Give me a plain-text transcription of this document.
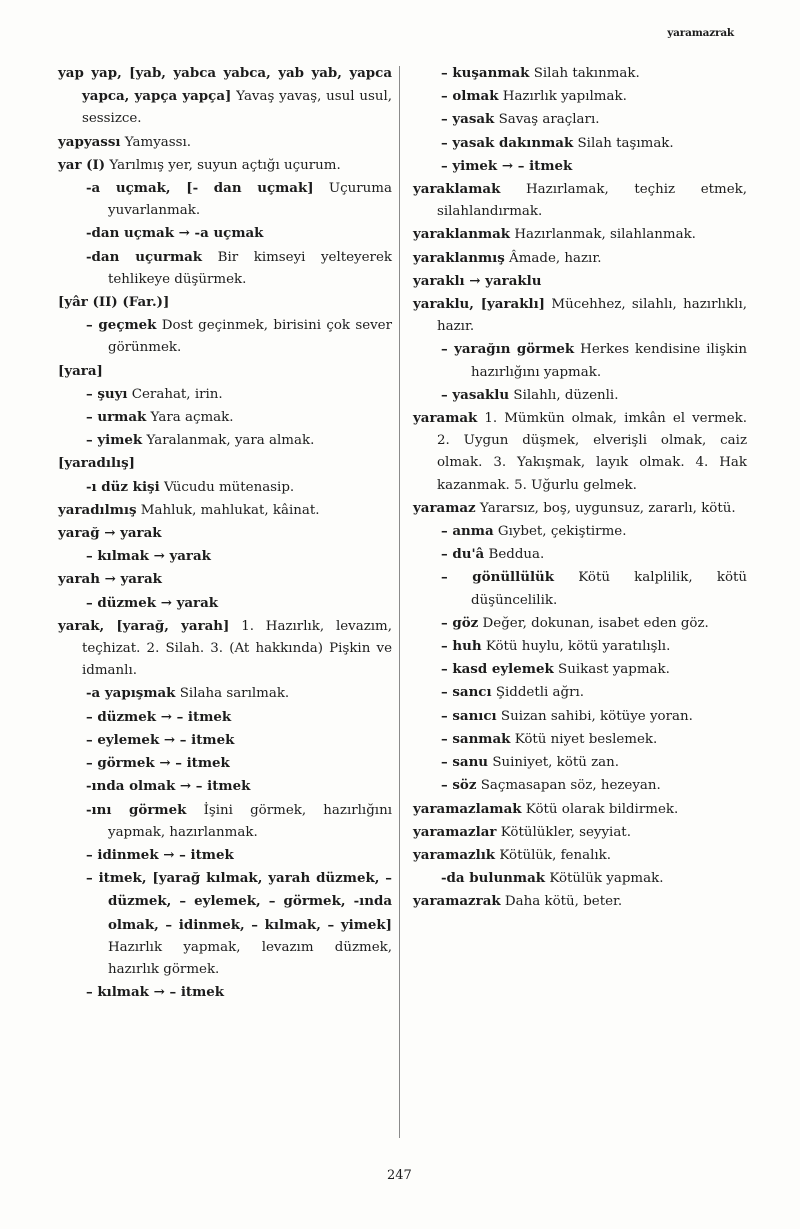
yaramazrak

yap yap, [yab, yabca yabca, yab yab, yapca yapca, yapça yapça] Yavaş yavaş, usul usul, sessizce.

yapyassı Yamyassı.

yar (I) Yarılmış yer, suyun açtığı uçurum.

-a uçmak, [- dan uçmak] Uçuruma yuvarlanmak.

-dan uçmak → -a uçmak

-dan uçurmak Bir kimseyi yelteyerek tehlikeye düşürmek.

[yâr (II) (Far.)]

– geçmek Dost geçinmek, birisini çok sever görünmek.

[yara]

– şuyı Cerahat, irin.

– urmak Yara açmak.

– yimek Yaralanmak, yara almak.

[yaradılış]

-ı düz kişi Vücudu mütenasip.

yaradılmış Mahluk, mahlukat, kâinat.

yarağ → yarak

– kılmak → yarak

yarah → yarak

– düzmek → yarak

yarak, [yarağ, yarah] 1. Hazırlık, levazım, teçhizat. 2. Silah. 3. (At hakkında) Pişkin ve idmanlı.

-a yapışmak Silaha sarılmak.

– düzmek → – itmek

– eylemek → – itmek

– görmek → – itmek

-ında olmak → – itmek

-ını görmek İşini görmek, hazırlığını yapmak, hazırlanmak.

– idinmek → – itmek

– itmek, [yarağ kılmak, yarah düzmek, – düzmek, – eylemek, – görmek, -ında olmak, – idinmek, – kılmak, – yimek] Hazırlık yapmak, levazım düzmek, hazırlık görmek.

– kılmak → – itmek

– kuşanmak Silah takınmak.

– olmak Hazırlık yapılmak.

– yasak Savaş araçları.

– yasak dakınmak Silah taşımak.

– yimek → – itmek

yaraklamak Hazırlamak, teçhiz etmek, silahlandırmak.

yaraklanmak Hazırlanmak, silahlanmak.

yaraklanmış Âmade, hazır.

yaraklı → yaraklu

yaraklu, [yaraklı] Mücehhez, silahlı, hazırlıklı, hazır.

– yarağın görmek Herkes kendisine ilişkin hazırlığını yapmak.

– yasaklu Silahlı, düzenli.

yaramak 1. Mümkün olmak, imkân el vermek. 2. Uygun düşmek, elverişli olmak, caiz olmak. 3. Yakışmak, layık olmak. 4. Hak kazanmak. 5. Uğurlu gelmek.

yaramaz Yararsız, boş, uygunsuz, zararlı, kötü.

– anma Gıybet, çekiştirme.

– du'â Beddua.

– gönüllülük Kötü kalplilik, kötü düşüncelilik.

– göz Değer, dokunan, isabet eden göz.

– huh Kötü huylu, kötü yaratılışlı.

– kasd eylemek Suikast yapmak.

– sancı Şiddetli ağrı.

– sanıcı Suizan sahibi, kötüye yoran.

– sanmak Kötü niyet beslemek.

– sanu Suiniyet, kötü zan.

– söz Saçmasapan söz, hezeyan.

yaramazlamak Kötü olarak bildirmek.

yaramazlar Kötülükler, seyyiat.

yaramazlık Kötülük, fenalık.

-da bulunmak Kötülük yapmak.

yaramazrak Daha kötü, beter.

247
